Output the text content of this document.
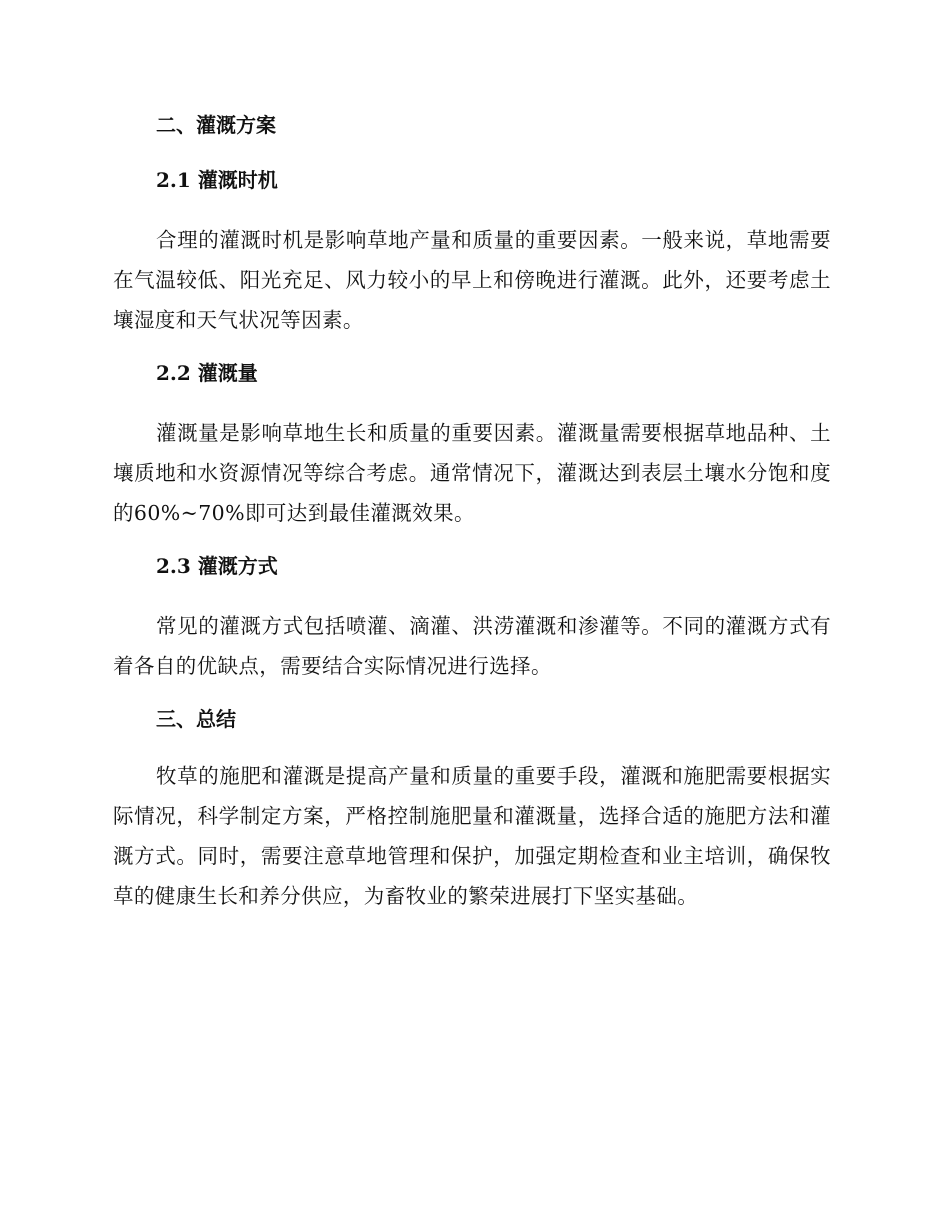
二、灌溉方案
2.1 灌溉时机

合理的灌溉时机是影响草地产量和质量的重要因素。一般来说，草地需要在气温较低、阳光充足、风力较小的早上和傍晚进行灌溉。此外，还要考虑土壤湿度和天气状况等因素。

2.2 灌溉量

灌溉量是影响草地生长和质量的重要因素。灌溉量需要根据草地品种、土壤质地和水资源情况等综合考虑。通常情况下，灌溉达到表层土壤水分饱和度的60%~70%即可达到最佳灌溉效果。

2.3 灌溉方式

常见的灌溉方式包括喷灌、滴灌、洪涝灌溉和渗灌等。不同的灌溉方式有着各自的优缺点，需要结合实际情况进行选择。

三、总结

牧草的施肥和灌溉是提高产量和质量的重要手段，灌溉和施肥需要根据实际情况，科学制定方案，严格控制施肥量和灌溉量，选择合适的施肥方法和灌溉方式。同时，需要注意草地管理和保护，加强定期检查和业主培训，确保牧草的健康生长和养分供应，为畜牧业的繁荣进展打下坚实基础。
